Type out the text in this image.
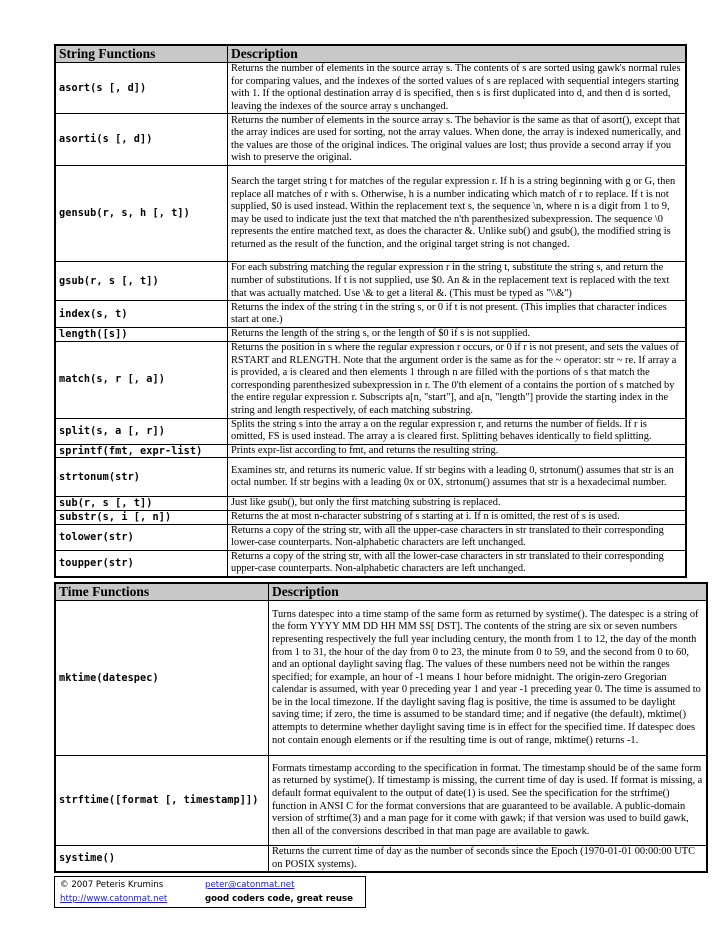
String Functions	Description
asort(s [, d])	Returns the number of elements in the source array s. The contents of s are sorted using gawk's normal rules for comparing values, and the indexes of the sorted values of s are replaced with sequential integers starting with 1. If the optional destination array d is specified, then s is first duplicated into d, and then d is sorted, leaving the indexes of the source array s unchanged.
asorti(s [, d])	Returns the number of elements in the source array s. The behavior is the same as that of asort(), except that the array indices are used for sorting, not the array values. When done, the array is indexed numerically, and the values are those of the original indices. The original values are lost; thus provide a second array if you wish to preserve the original.
gensub(r, s, h [, t])	Search the target string t for matches of the regular expression r. If h is a string beginning with g or G, then replace all matches of r with s. Otherwise, h is a number indicating which match of r to replace. If t is not supplied, $0 is used instead. Within the replacement text s, the sequence \n, where n is a digit from 1 to 9, may be used to indicate just the text that matched the n'th parenthesized subexpression. The sequence \0 represents the entire matched text, as does the character &. Unlike sub() and gsub(), the modified string is returned as the result of the function, and the original target string is not changed.
gsub(r, s [, t])	For each substring matching the regular expression r in the string t, substitute the string s, and return the number of substitutions. If t is not supplied, use $0. An & in the replacement text is replaced with the text that was actually matched. Use \& to get a literal &. (This must be typed as "\\&")
index(s, t)	Returns the index of the string t in the string s, or 0 if t is not present. (This implies that character indices start at one.)
length([s])	Returns the length of the string s, or the length of $0 if s is not supplied.
match(s, r [, a])	Returns the position in s where the regular expression r occurs, or 0 if r is not present, and sets the values of RSTART and RLENGTH. Note that the argument order is the same as for the ~ operator: str ~ re. If array a is provided, a is cleared and then elements 1 through n are filled with the portions of s that match the corresponding parenthesized subexpression in r. The 0'th element of a contains the portion of s matched by the entire regular expression r. Subscripts a[n, "start"], and a[n, "length"] provide the starting index in the string and length respectively, of each matching substring.
split(s, a [, r])	Splits the string s into the array a on the regular expression r, and returns the number of fields. If r is omitted, FS is used instead. The array a is cleared first. Splitting behaves identically to field splitting.
sprintf(fmt, expr-list)	Prints expr-list according to fmt, and returns the resulting string.
strtonum(str)	Examines str, and returns its numeric value. If str begins with a leading 0, strtonum() assumes that str is an octal number. If str begins with a leading 0x or 0X, strtonum() assumes that str is a hexadecimal number.
sub(r, s [, t])	Just like gsub(), but only the first matching substring is replaced.
substr(s, i [, n])	Returns the at most n-character substring of s starting at i. If n is omitted, the rest of s is used.
tolower(str)	Returns a copy of the string str, with all the upper-case characters in str translated to their corresponding lower-case counterparts. Non-alphabetic characters are left unchanged.
toupper(str)	Returns a copy of the string str, with all the lower-case characters in str translated to their corresponding upper-case counterparts. Non-alphabetic characters are left unchanged.
Time Functions	Description
mktime(datespec)	Turns datespec into a time stamp of the same form as returned by systime(). The datespec is a string of the form YYYY MM DD HH MM SS[ DST]. The contents of the string are six or seven numbers representing respectively the full year including century, the month from 1 to 12, the day of the month from 1 to 31, the hour of the day from 0 to 23, the minute from 0 to 59, and the second from 0 to 60, and an optional daylight saving flag. The values of these numbers need not be within the ranges specified; for example, an hour of -1 means 1 hour before midnight. The origin-zero Gregorian calendar is assumed, with year 0 preceding year 1 and year -1 preceding year 0. The time is assumed to be in the local timezone. If the daylight saving flag is positive, the time is assumed to be daylight saving time; if zero, the time is assumed to be standard time; and if negative (the default), mktime() attempts to determine whether daylight saving time is in effect for the specified time. If datespec does not contain enough elements or if the resulting time is out of range, mktime() returns -1.
strftime([format [, timestamp]])	Formats timestamp according to the specification in format. The timestamp should be of the same form as returned by systime(). If timestamp is missing, the current time of day is used. If format is missing, a default format equivalent to the output of date(1) is used. See the specification for the strftime() function in ANSI C for the format conversions that are guaranteed to be available. A public-domain version of strftime(3) and a man page for it come with gawk; if that version was used to build gawk, then all of the conversions described in that man page are available to gawk.
systime()	Returns the current time of day as the number of seconds since the Epoch (1970-01-01 00:00:00 UTC on POSIX systems).
© 2007 Peteris Krumins	peter@catonmat.net
http://www.catonmat.net	good coders code, great reuse
